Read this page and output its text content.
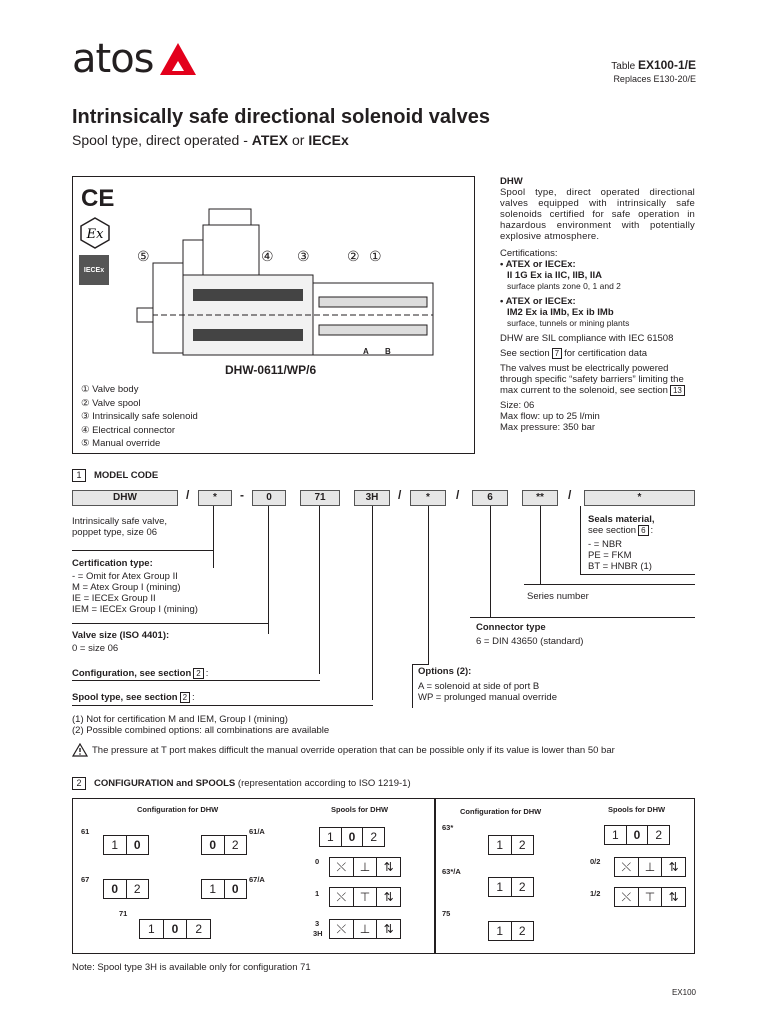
atos	Table EX100-1/E
Replaces E130-20/E
Intrinsically safe directional solenoid valves
Spool type, direct operated - ATEX or IECEx
CE
Ex
IECEx
⑤	④ ③	② ①
A B
DHW-0611/WP/6
① Valve body
② Valve spool
③ Intrinsically safe solenoid
④ Electrical connector
⑤ Manual override
DHW
Spool type, direct operated directional valves equipped with intrinsically safe solenoids certified for safe operation in hazardous environment with potentially explosive atmosphere.
Certifications:
• ATEX or IECEx:
II 1G Ex ia IIC, IIB, IIA
surface plants zone 0, 1 and 2
• ATEX or IECEx:
IM2 Ex ia IMb, Ex ib IMb
surface, tunnels or mining plants
DHW are SIL compliance with IEC 61508
See section 7 for certification data
The valves must be electrically powered through specific “safety barriers” limiting the max current to the solenoid, see section 13
Size: 06
Max flow: up to 25 l/min
Max pressure: 350 bar
1	MODEL CODE
DHW	/	*	-	0	71	3H	/	*	/	6	**	/	*
Intrinsically safe valve, poppet type, size 06
Certification type:
- = Omit for Atex Group II
M = Atex Group I (mining)
IE = IECEx Group II
IEM = IECEx Group I (mining)
Valve size (ISO 4401):
0 = size 06
Configuration, see section 2 :
Spool type, see section 2 :
Seals material,
see section 6 :
- = NBR
PE = FKM
BT = HNBR (1)
Series number
Connector type
6 = DIN 43650 (standard)
Options (2):
A = solenoid at side of port B
WP = prolunged manual override
(1) Not for certification M and IEM, Group I (mining)
(2) Possible combined options: all combinations are available
The pressure at T port makes difficult the manual override operation that can be possible only if its value is lower than 50 bar
2	CONFIGURATION and SPOOLS (representation according to ISO 1219-1)
Configuration for DHW	Spools for DHW
61
1	0
61/A
0	2
67
0	2
67/A
1	0
71
1	0	2
1	0	2
0	⤬	⊥	⇅
1	⤬	⊤	⇅
3
3H	⤬	⊥	⇅
Configuration for DHW	Spools for DHW
63*
1	2
63*/A
1	2
75
1	2
1	0	2
0/2	⤬	⊥	⇅
1/2	⤬	⊤	⇅
Note: Spool type 3H is available only for configuration 71
EX100
